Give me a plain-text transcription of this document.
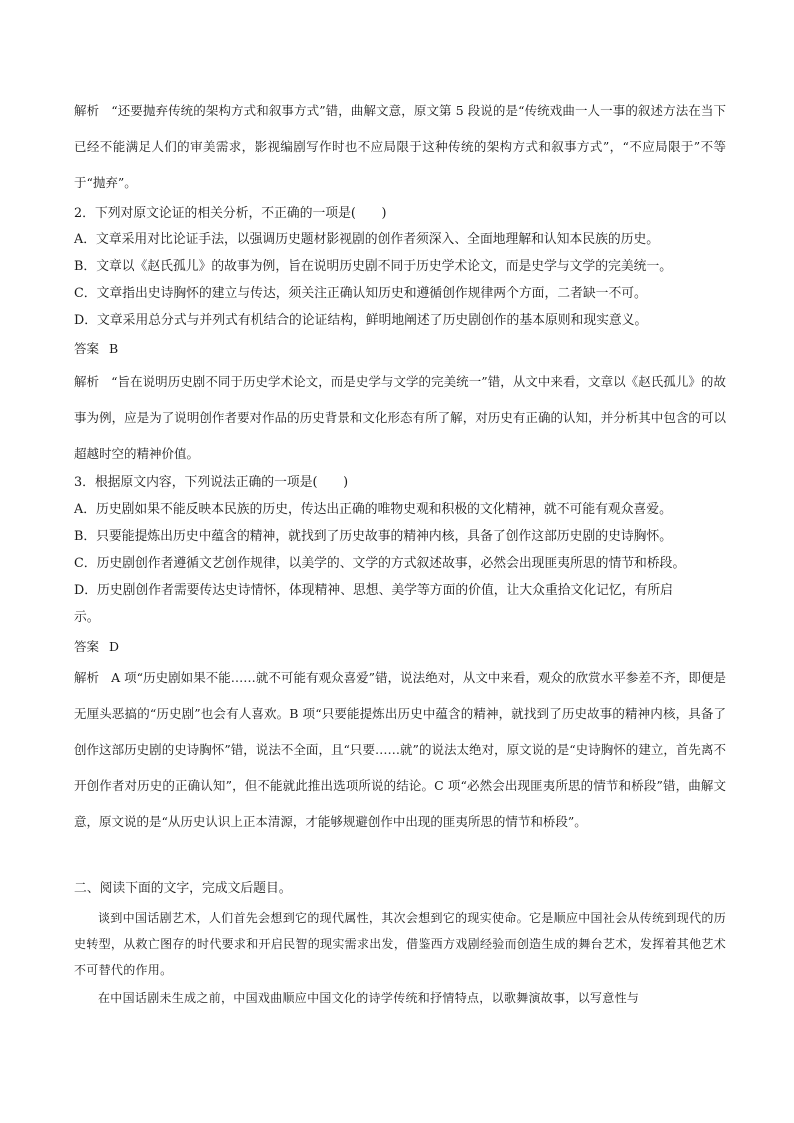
解析 “还要抛弃传统的架构方式和叙事方式”错，曲解文意，原文第 5 段说的是“传统戏曲一人一事的叙述方法在当下已经不能满足人们的审美需求，影视编剧写作时也不应局限于这种传统的架构方式和叙事方式”，“不应局限于”不等于“抛弃”。
2．下列对原文论证的相关分析，不正确的一项是(　　)
A．文章采用对比论证手法，以强调历史题材影视剧的创作者须深入、全面地理解和认知本民族的历史。
B．文章以《赵氏孤儿》的故事为例，旨在说明历史剧不同于历史学术论文，而是史学与文学的完美统一。
C．文章指出史诗胸怀的建立与传达，须关注正确认知历史和遵循创作规律两个方面，二者缺一不可。
D．文章采用总分式与并列式有机结合的论证结构，鲜明地阐述了历史剧创作的基本原则和现实意义。
答案 B
解析 “旨在说明历史剧不同于历史学术论文，而是史学与文学的完美统一”错，从文中来看，文章以《赵氏孤儿》的故事为例，应是为了说明创作者要对作品的历史背景和文化形态有所了解，对历史有正确的认知，并分析其中包含的可以超越时空的精神价值。
3．根据原文内容，下列说法正确的一项是(　　)
A．历史剧如果不能反映本民族的历史，传达出正确的唯物史观和积极的文化精神，就不可能有观众喜爱。
B．只要能提炼出历史中蕴含的精神，就找到了历史故事的精神内核，具备了创作这部历史剧的史诗胸怀。
C．历史剧创作者遵循文艺创作规律，以美学的、文学的方式叙述故事，必然会出现匪夷所思的情节和桥段。
D．历史剧创作者需要传达史诗情怀，体现精神、思想、美学等方面的价值，让大众重拾文化记忆，有所启
示。
答案 D
解析 A 项“历史剧如果不能……就不可能有观众喜爱”错，说法绝对，从文中来看，观众的欣赏水平参差不齐，即便是无厘头恶搞的“历史剧”也会有人喜欢。B 项“只要能提炼出历史中蕴含的精神，就找到了历史故事的精神内核，具备了创作这部历史剧的史诗胸怀”错，说法不全面，且“只要……就”的说法太绝对，原文说的是“史诗胸怀的建立，首先离不开创作者对历史的正确认知”，但不能就此推出选项所说的结论。C 项“必然会出现匪夷所思的情节和桥段”错，曲解文意，原文说的是“从历史认识上正本清源，才能够规避创作中出现的匪夷所思的情节和桥段”。
二、阅读下面的文字，完成文后题目。
谈到中国话剧艺术，人们首先会想到它的现代属性，其次会想到它的现实使命。它是顺应中国社会从传统到现代的历史转型，从救亡图存的时代要求和开启民智的现实需求出发，借鉴西方戏剧经验而创造生成的舞台艺术，发挥着其他艺术不可替代的作用。
在中国话剧未生成之前，中国戏曲顺应中国文化的诗学传统和抒情特点，以歌舞演故事，以写意性与
